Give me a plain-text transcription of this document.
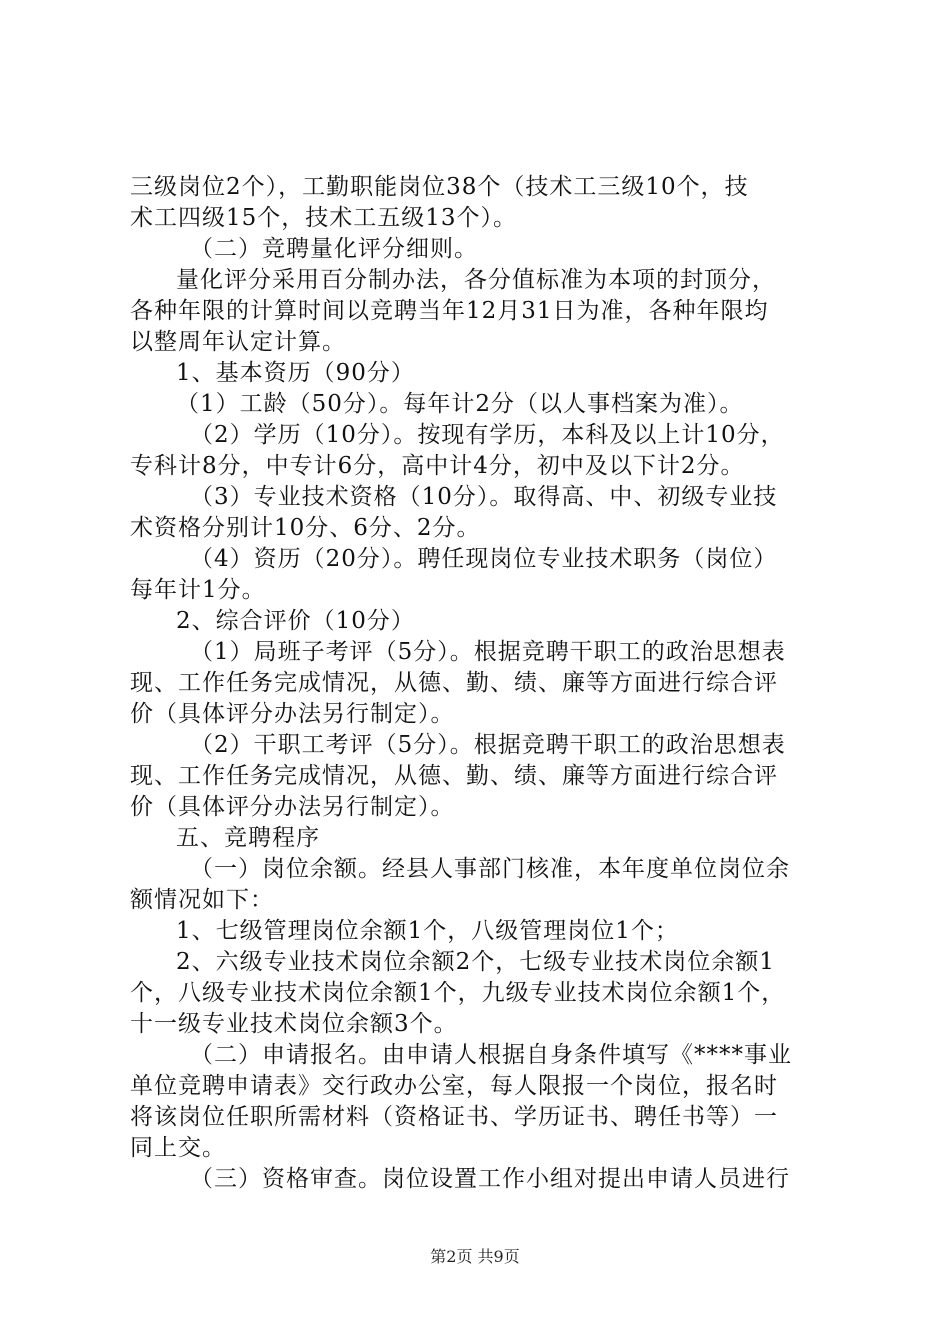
三级岗位2个），工勤职能岗位38个（技术工三级10个，技
术工四级15个，技术工五级13个）。
（二）竞聘量化评分细则。
量化评分采用百分制办法，各分值标准为本项的封顶分，
各种年限的计算时间以竞聘当年12月31日为准，各种年限均
以整周年认定计算。
1、基本资历（90分）
（1）工龄（50分）。每年计2分（以人事档案为准）。
（2）学历（10分）。按现有学历，本科及以上计10分，
专科计8分，中专计6分，高中计4分，初中及以下计2分。
（3）专业技术资格（10分）。取得高、中、初级专业技
术资格分别计10分、6分、2分。
（4）资历（20分）。聘任现岗位专业技术职务（岗位）
每年计1分。
2、综合评价（10分）
（1）局班子考评（5分）。根据竞聘干职工的政治思想表
现、工作任务完成情况，从德、勤、绩、廉等方面进行综合评
价（具体评分办法另行制定）。
（2）干职工考评（5分）。根据竞聘干职工的政治思想表
现、工作任务完成情况，从德、勤、绩、廉等方面进行综合评
价（具体评分办法另行制定）。
五、竞聘程序
（一）岗位余额。经县人事部门核准，本年度单位岗位余
额情况如下：
1、七级管理岗位余额1个，八级管理岗位1个；
2、六级专业技术岗位余额2个，七级专业技术岗位余额1
个，八级专业技术岗位余额1个，九级专业技术岗位余额1个，
十一级专业技术岗位余额3个。
（二）申请报名。由申请人根据自身条件填写《****事业
单位竞聘申请表》交行政办公室，每人限报一个岗位，报名时
将该岗位任职所需材料（资格证书、学历证书、聘任书等）一
同上交。
（三）资格审查。岗位设置工作小组对提出申请人员进行
第2页 共9页
